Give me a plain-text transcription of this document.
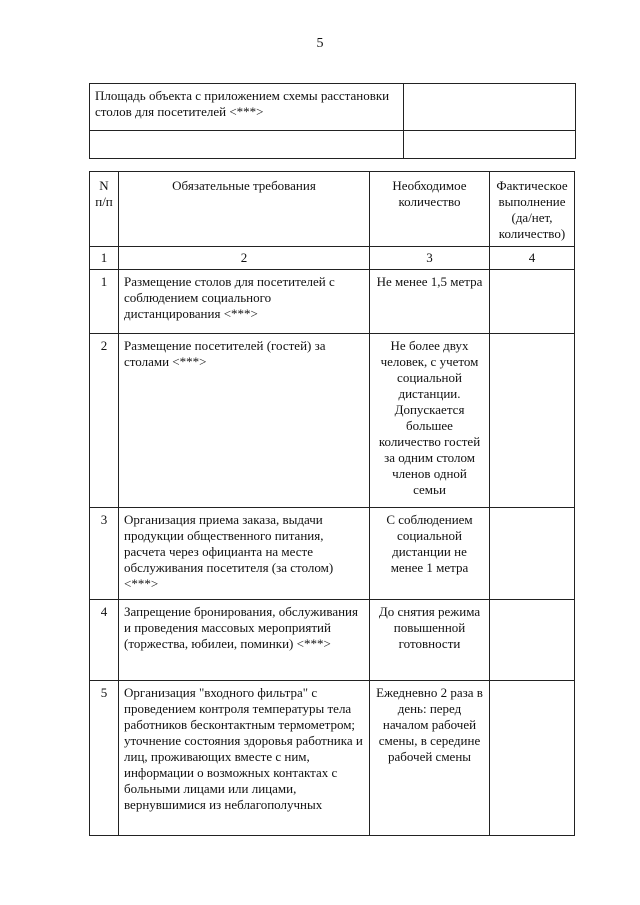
5
Площадь объекта с приложением схемы расстановки столов для посетителей <***>	

N п/п	Обязательные требования	Необходимое количество	Фактическое выполнение (да/нет, количество)
1	2	3	4
1	Размещение столов для посетителей с соблюдением социального дистанцирования <***>	Не менее 1,5 метра	
2	Размещение посетителей (гостей) за столами <***>	Не более двух человек, с учетом социальной дистанции. Допускается большее количество гостей за одним столом членов одной семьи	
3	Организация приема заказа, выдачи продукции общественного питания, расчета через официанта на месте обслуживания посетителя (за столом) <***>	С соблюдением социальной дистанции не менее 1 метра	
4	Запрещение бронирования, обслуживания и проведения массовых мероприятий (торжества, юбилеи, поминки) <***>	До снятия режима повышенной готовности	
5	Организация "входного фильтра" с проведением контроля температуры тела работников бесконтактным термометром; уточнение состояния здоровья работника и лиц, проживающих вместе с ним, информации о возможных контактах с больными лицами или лицами, вернувшимися из неблагополучных	Ежедневно 2 раза в день: перед началом рабочей смены, в середине рабочей смены	
